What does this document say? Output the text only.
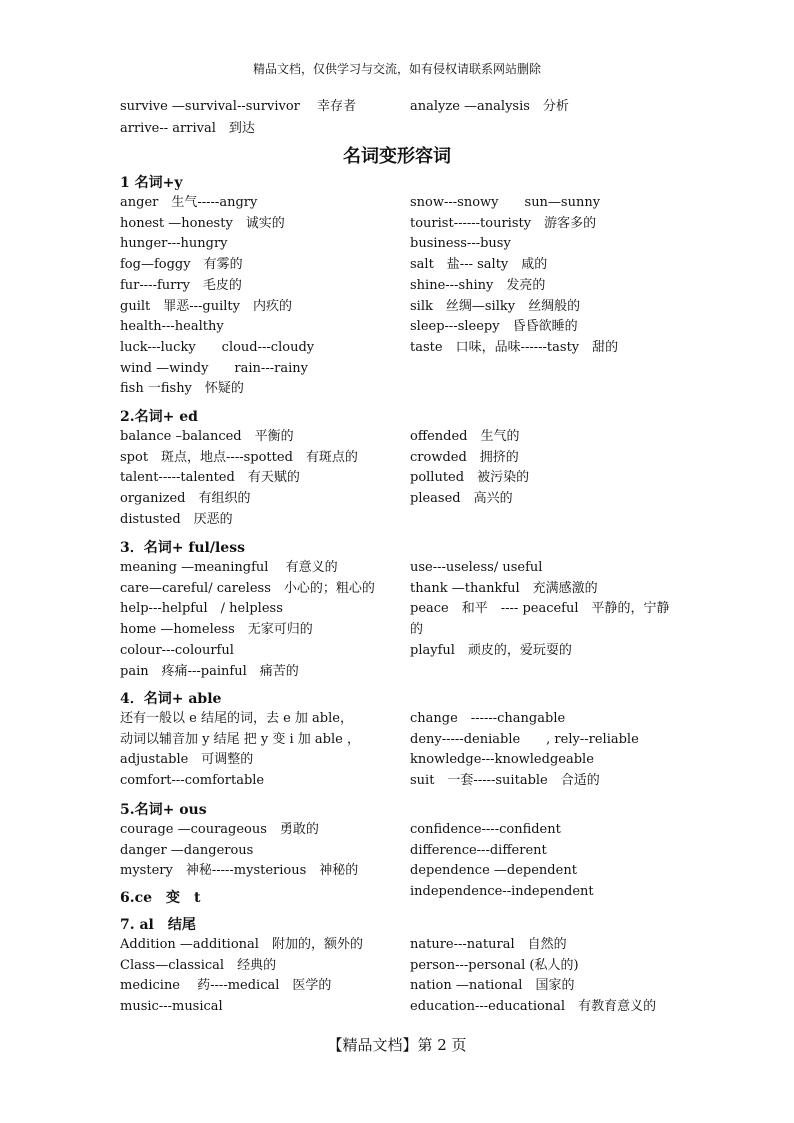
精品文档，仅供学习与交流，如有侵权请联系网站删除
survive —survival--survivor　 幸存者	analyze —analysis　分析
arrive-- arrival　到达
名词变形容词
1 名词+y
anger　生气-----angry
honest —honesty　诚实的
hunger---hungry
fog—foggy　有雾的
fur----furry　毛皮的
guilt　罪恶---guilty　内疚的
health---healthy
luck---lucky　　cloud---cloudy
wind —windy　　rain---rainy
fish 一fishy　怀疑的
snow---snowy　　sun—sunny
tourist------touristy　游客多的
business---busy
salt　盐--- salty　咸的
shine---shiny　发亮的
silk　丝绸—silky　丝绸般的
sleep---sleepy　昏昏欲睡的
taste　口味，品味------tasty　甜的
2.名词+ ed
balance –balanced　平衡的
spot　斑点，地点----spotted　有斑点的
talent-----talented　有天赋的
organized　有组织的
distusted　厌恶的
offended　生气的
crowded　拥挤的
polluted　被污染的
pleased　高兴的
3．名词+ ful/less
meaning —meaningful　 有意义的
care—careful/ careless　小心的；粗心的
help---helpful　/ helpless
home —homeless　无家可归的
colour---colourful
pain　疼痛---painful　痛苦的
use---useless/ useful
thank —thankful　充满感激的
peace　和平　---- peaceful　平静的，宁静
的
playful　顽皮的，爱玩耍的
4．名词+ able
还有一般以 e 结尾的词，去 e 加 able，
动词以辅音加 y 结尾 把 y 变 i 加 able ，
adjustable　可调整的
comfort---comfortable
change　------changable
deny-----deniable　　, rely--reliable
knowledge---knowledgeable
suit　一套-----suitable　合适的
5.名词+ ous
courage —courageous　勇敢的
danger —dangerous
mystery　神秘-----mysterious　神秘的
confidence----confident
difference---different
dependence —dependent
independence--independent
6.ce　变　t
7. al　结尾
Addition —additional　附加的，额外的
Class—classical　经典的
medicine　 药----medical　医学的
music---musical
nature---natural　自然的
person---personal (私人的)
nation —national　国家的
education---educational　有教育意义的
【精品文档】第 2 页
